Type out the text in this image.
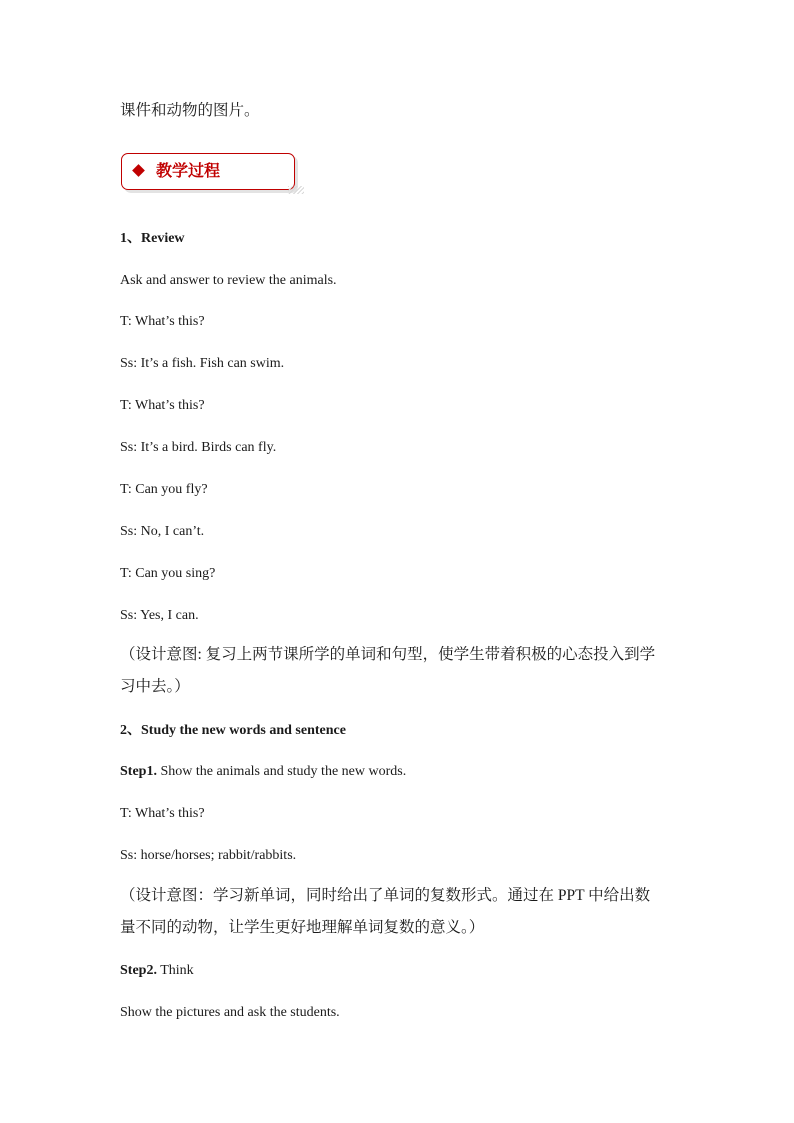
课件和动物的图片。
教学过程
1、Review
Ask and answer to review the animals.
T: What’s this?
Ss: It’s a fish. Fish can swim.
T: What’s this?
Ss: It’s a bird. Birds can fly.
T: Can you fly?
Ss: No, I can’t.
T: Can you sing?
Ss: Yes, I can.
（设计意图: 复习上两节课所学的单词和句型，使学生带着积极的心态投入到学
习中去。）
2、Study the new words and sentence
Step1. Show the animals and study the new words.
T: What’s this?
Ss: horse/horses; rabbit/rabbits.
（设计意图：学习新单词，同时给出了单词的复数形式。通过在 PPT 中给出数
量不同的动物，让学生更好地理解单词复数的意义。）
Step2. Think
Show the pictures and ask the students.
